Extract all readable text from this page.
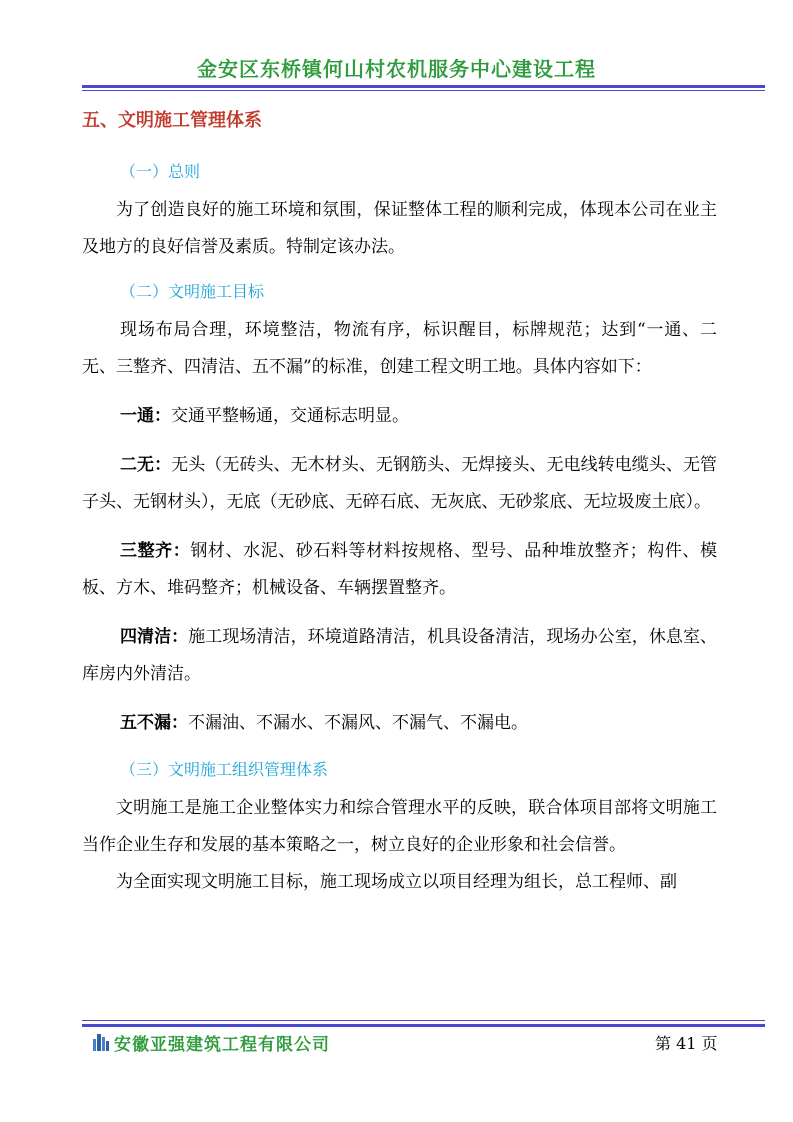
金安区东桥镇何山村农机服务中心建设工程
五、文明施工管理体系
（一）总则

为了创造良好的施工环境和氛围，保证整体工程的顺利完成，体现本公司在业主及地方的良好信誉及素质。特制定该办法。

（二）文明施工目标

现场布局合理，环境整洁，物流有序，标识醒目，标牌规范；达到“一通、二无、三整齐、四清洁、五不漏”的标准，创建工程文明工地。具体内容如下：

一通：交通平整畅通，交通标志明显。

二无：无头（无砖头、无木材头、无钢筋头、无焊接头、无电线转电缆头、无管子头、无钢材头），无底（无砂底、无碎石底、无灰底、无砂浆底、无垃圾废土底）。

三整齐：钢材、水泥、砂石料等材料按规格、型号、品种堆放整齐；构件、模板、方木、堆码整齐；机械设备、车辆摆置整齐。

四清洁：施工现场清洁，环境道路清洁，机具设备清洁，现场办公室，休息室、库房内外清洁。

五不漏：不漏油、不漏水、不漏风、不漏气、不漏电。

（三）文明施工组织管理体系

文明施工是施工企业整体实力和综合管理水平的反映，联合体项目部将文明施工当作企业生存和发展的基本策略之一，树立良好的企业形象和社会信誉。

为全面实现文明施工目标，施工现场成立以项目经理为组长，总工程师、副

安徽亚强建筑工程有限公司	第 41 页
